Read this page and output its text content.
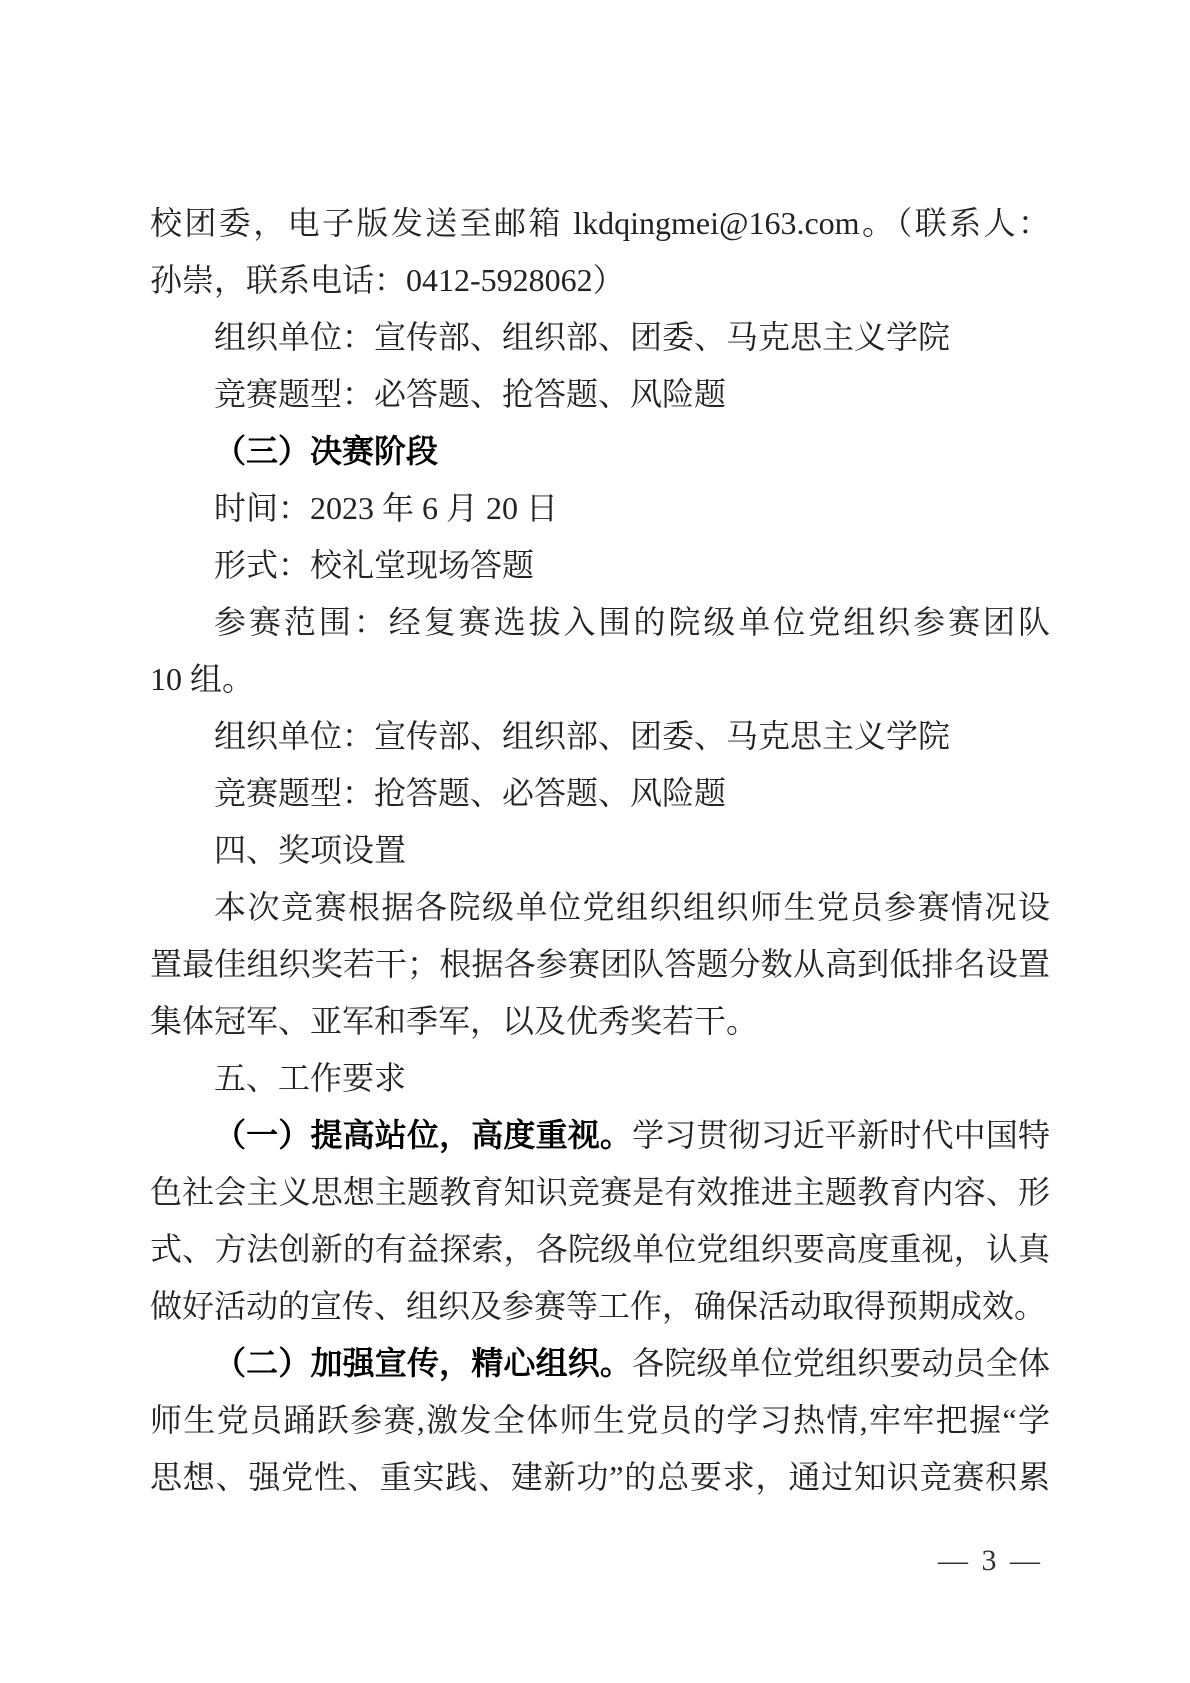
校团委，电子版发送至邮箱 lkdqingmei@163.com。（联系人：
孙崇，联系电话：0412-5928062）
组织单位：宣传部、组织部、团委、马克思主义学院
竞赛题型：必答题、抢答题、风险题
（三）决赛阶段
时间：2023 年 6 月 20 日
形式：校礼堂现场答题
参赛范围：经复赛选拔入围的院级单位党组织参赛团队
10 组。
组织单位：宣传部、组织部、团委、马克思主义学院
竞赛题型：抢答题、必答题、风险题
四、奖项设置
本次竞赛根据各院级单位党组织组织师生党员参赛情况设
置最佳组织奖若干；根据各参赛团队答题分数从高到低排名设置
集体冠军、亚军和季军，以及优秀奖若干。
五、工作要求
（一）提高站位，高度重视。学习贯彻习近平新时代中国特
色社会主义思想主题教育知识竞赛是有效推进主题教育内容、形
式、方法创新的有益探索，各院级单位党组织要高度重视，认真
做好活动的宣传、组织及参赛等工作，确保活动取得预期成效。
（二）加强宣传，精心组织。各院级单位党组织要动员全体
师生党员踊跃参赛,激发全体师生党员的学习热情,牢牢把握“学
思想、强党性、重实践、建新功”的总要求，通过知识竞赛积累
— 3 —
